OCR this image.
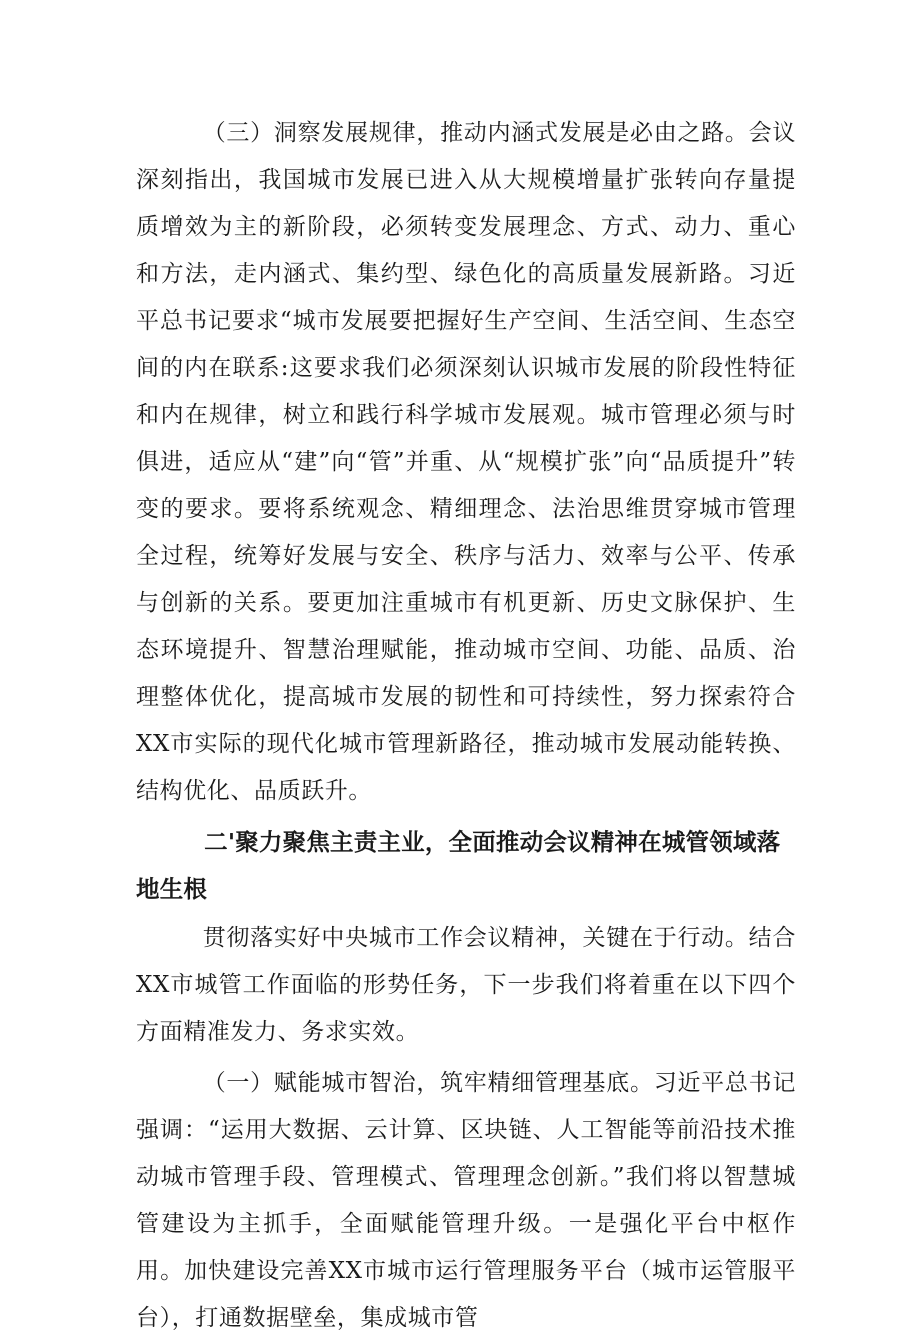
（三）洞察发展规律，推动内涵式发展是必由之路。会议深刻指出，我国城市发展已进入从大规模增量扩张转向存量提质增效为主的新阶段，必须转变发展理念、方式、动力、重心和方法，走内涵式、集约型、绿色化的高质量发展新路。习近平总书记要求“城市发展要把握好生产空间、生活空间、生态空间的内在联系:这要求我们必须深刻认识城市发展的阶段性特征和内在规律，树立和践行科学城市发展观。城市管理必须与时俱进，适应从“建”向“管”并重、从“规模扩张”向“品质提升”转变的要求。要将系统观念、精细理念、法治思维贯穿城市管理全过程，统筹好发展与安全、秩序与活力、效率与公平、传承与创新的关系。要更加注重城市有机更新、历史文脉保护、生态环境提升、智慧治理赋能，推动城市空间、功能、品质、治理整体优化，提高城市发展的韧性和可持续性，努力探索符合XX市实际的现代化城市管理新路径，推动城市发展动能转换、结构优化、品质跃升。

二'聚力聚焦主责主业，全面推动会议精神在城管领域落地生根

贯彻落实好中央城市工作会议精神，关键在于行动。结合XX市城管工作面临的形势任务，下一步我们将着重在以下四个方面精准发力、务求实效。

（一）赋能城市智治，筑牢精细管理基底。习近平总书记强调：“运用大数据、云计算、区块链、人工智能等前沿技术推动城市管理手段、管理模式、管理理念创新。”我们将以智慧城管建设为主抓手，全面赋能管理升级。一是强化平台中枢作用。加快建设完善XX市城市运行管理服务平台（城市运管服平台），打通数据壁垒，集成城市管
